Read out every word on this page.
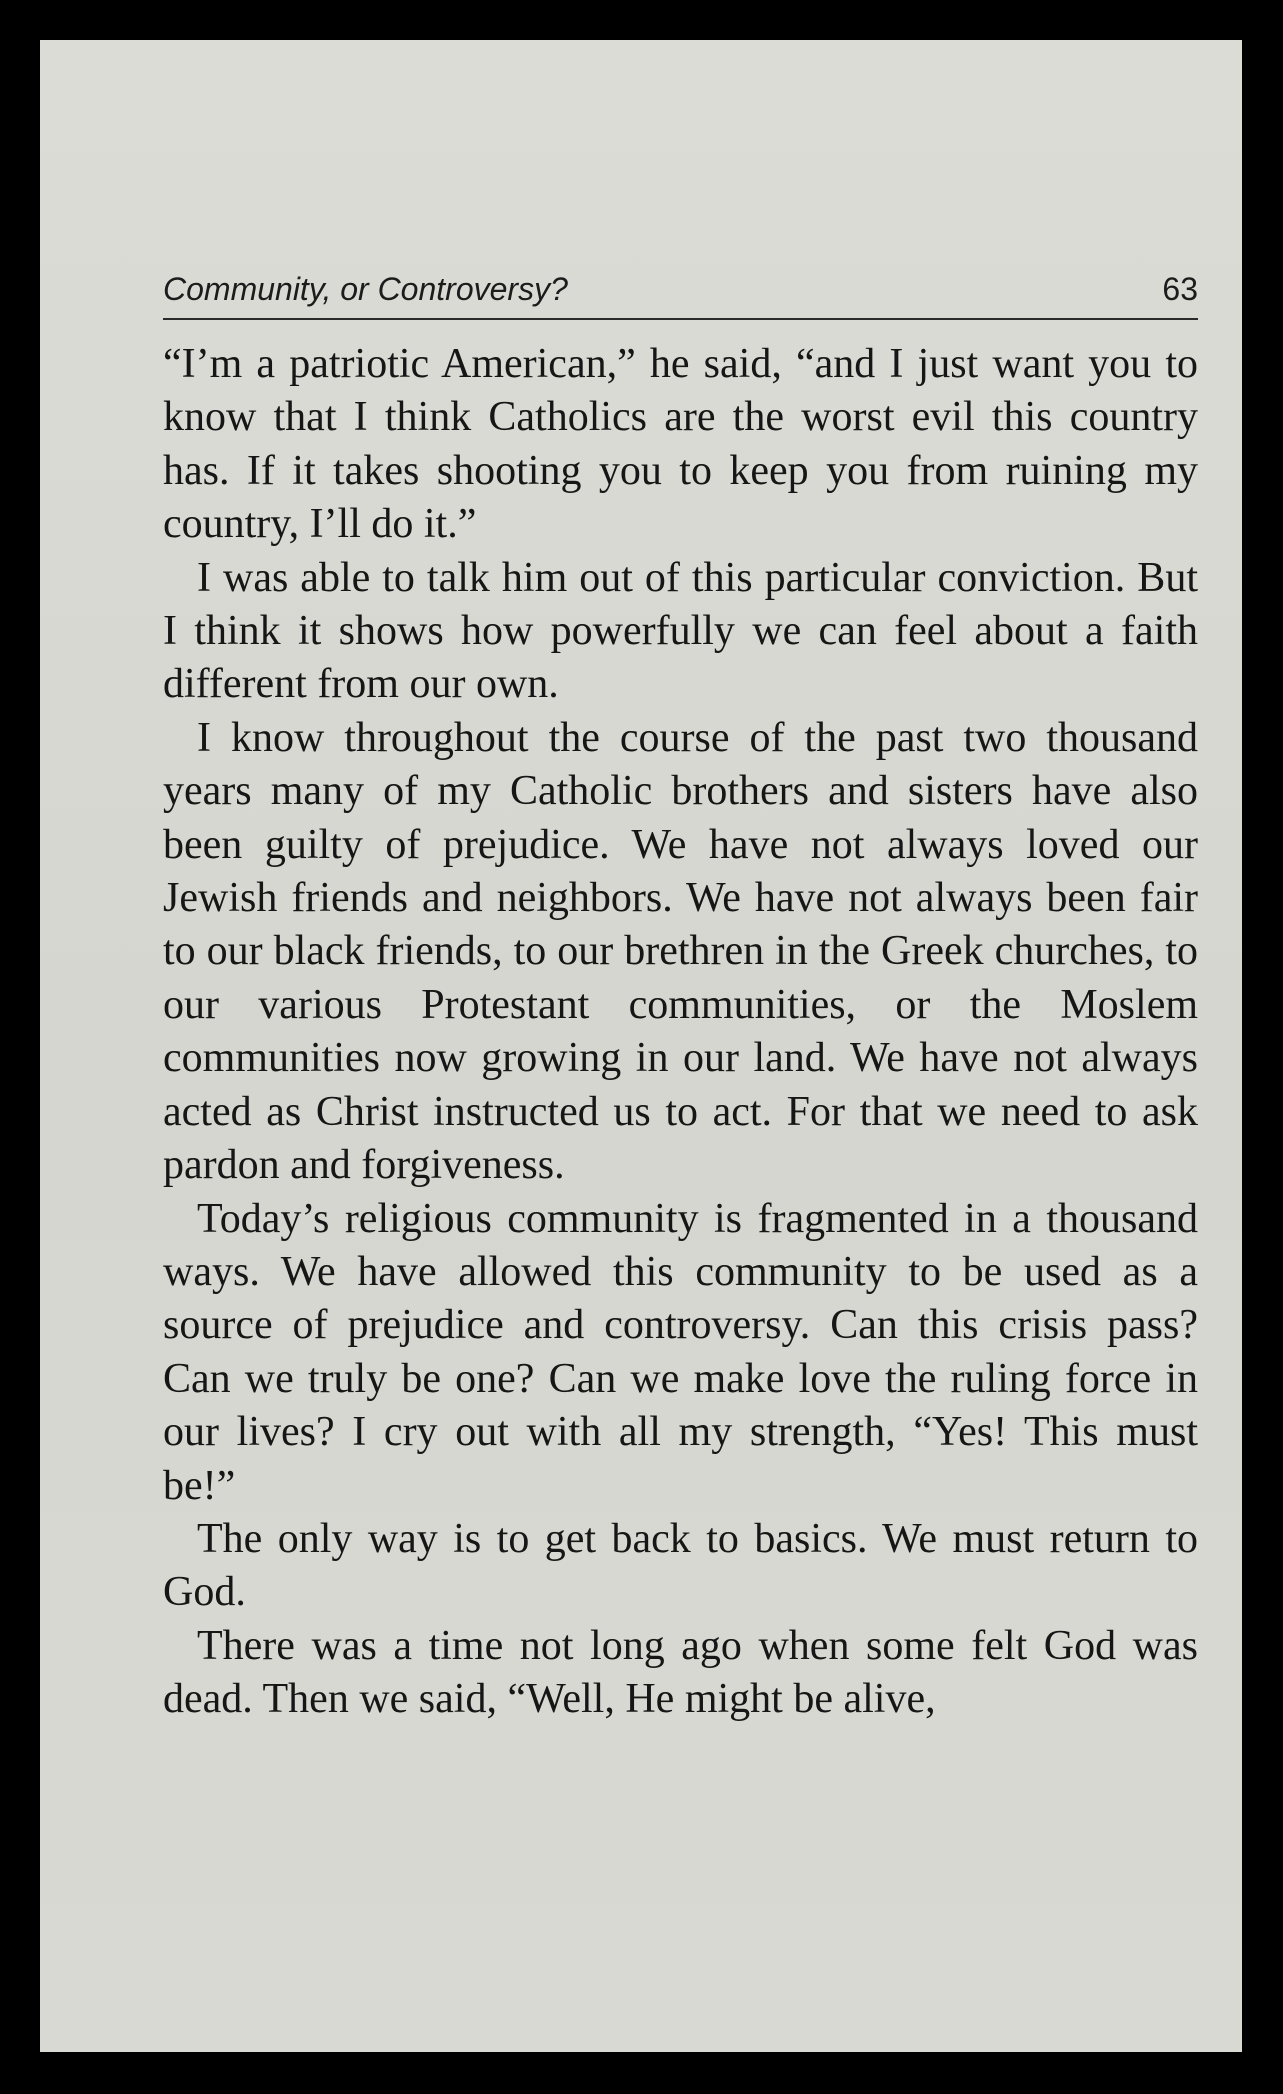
Community, or Controversy?	63

“I’m a patriotic American,” he said, “and I just want you to know that I think Catholics are the worst evil this country has. If it takes shooting you to keep you from ruining my country, I’ll do it.”

I was able to talk him out of this particular conviction. But I think it shows how powerfully we can feel about a faith different from our own.

I know throughout the course of the past two thousand years many of my Catholic brothers and sisters have also been guilty of prejudice. We have not always loved our Jewish friends and neighbors. We have not always been fair to our black friends, to our brethren in the Greek churches, to our various Protestant communities, or the Moslem communities now growing in our land. We have not always acted as Christ instructed us to act. For that we need to ask pardon and forgiveness.

Today’s religious community is fragmented in a thousand ways. We have allowed this community to be used as a source of prejudice and controversy. Can this crisis pass? Can we truly be one? Can we make love the ruling force in our lives? I cry out with all my strength, “Yes! This must be!”

The only way is to get back to basics. We must return to God.

There was a time not long ago when some felt God was dead. Then we said, “Well, He might be alive,
